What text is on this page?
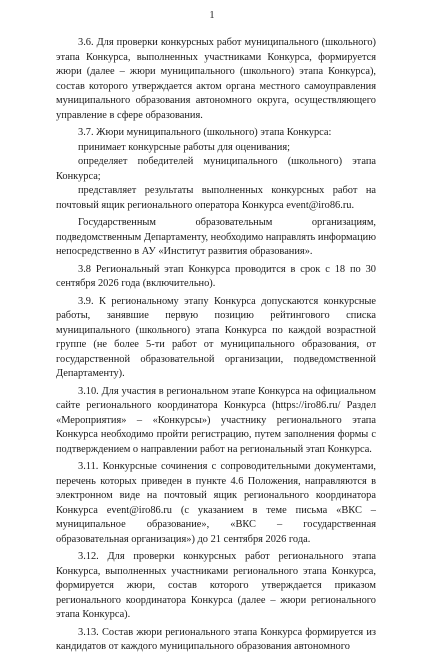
1

3.6. Для проверки конкурсных работ муниципального (школьного) этапа Конкурса, выполненных участниками Конкурса, формируется жюри (далее – жюри муниципального (школьного) этапа Конкурса), состав которого утверждается актом органа местного самоуправления муниципального образования автономного округа, осуществляющего управление в сфере образования.

3.7. Жюри муниципального (школьного) этапа Конкурса:

принимает конкурсные работы для оценивания;

определяет победителей муниципального (школьного) этапа Конкурса;

представляет результаты выполненных конкурсных работ на почтовый ящик регионального оператора Конкурса event@iro86.ru.

Государственным образовательным организациям, подведомственным Департаменту, необходимо направлять информацию непосредственно в АУ «Институт развития образования».

3.8 Региональный этап Конкурса проводится в срок с 18 по 30 сентября 2026 года (включительно).

3.9. К региональному этапу Конкурса допускаются конкурсные работы, занявшие первую позицию рейтингового списка муниципального (школьного) этапа Конкурса по каждой возрастной группе (не более 5-ти работ от муниципального образования, от государственной образовательной организации, подведомственной Департаменту).

3.10. Для участия в региональном этапе Конкурса на официальном сайте регионального координатора Конкурса (https://iro86.ru/ Раздел «Мероприятия» – «Конкурсы») участнику регионального этапа Конкурса необходимо пройти регистрацию, путем заполнения формы с подтверждением о направлении работ на региональный этап Конкурса.

3.11. Конкурсные сочинения с сопроводительными документами, перечень которых приведен в пункте 4.6 Положения, направляются в электронном виде на почтовый ящик регионального координатора Конкурса event@iro86.ru (с указанием в теме письма «ВКС – муниципальное образование», «ВКС – государственная образовательная организация») до 21 сентября 2026 года.

3.12. Для проверки конкурсных работ регионального этапа Конкурса, выполненных участниками регионального этапа Конкурса, формируется жюри, состав которого утверждается приказом регионального координатора Конкурса (далее – жюри регионального этапа Конкурса).

3.13. Состав жюри регионального этапа Конкурса формируется из кандидатов от каждого муниципального образования автономного
